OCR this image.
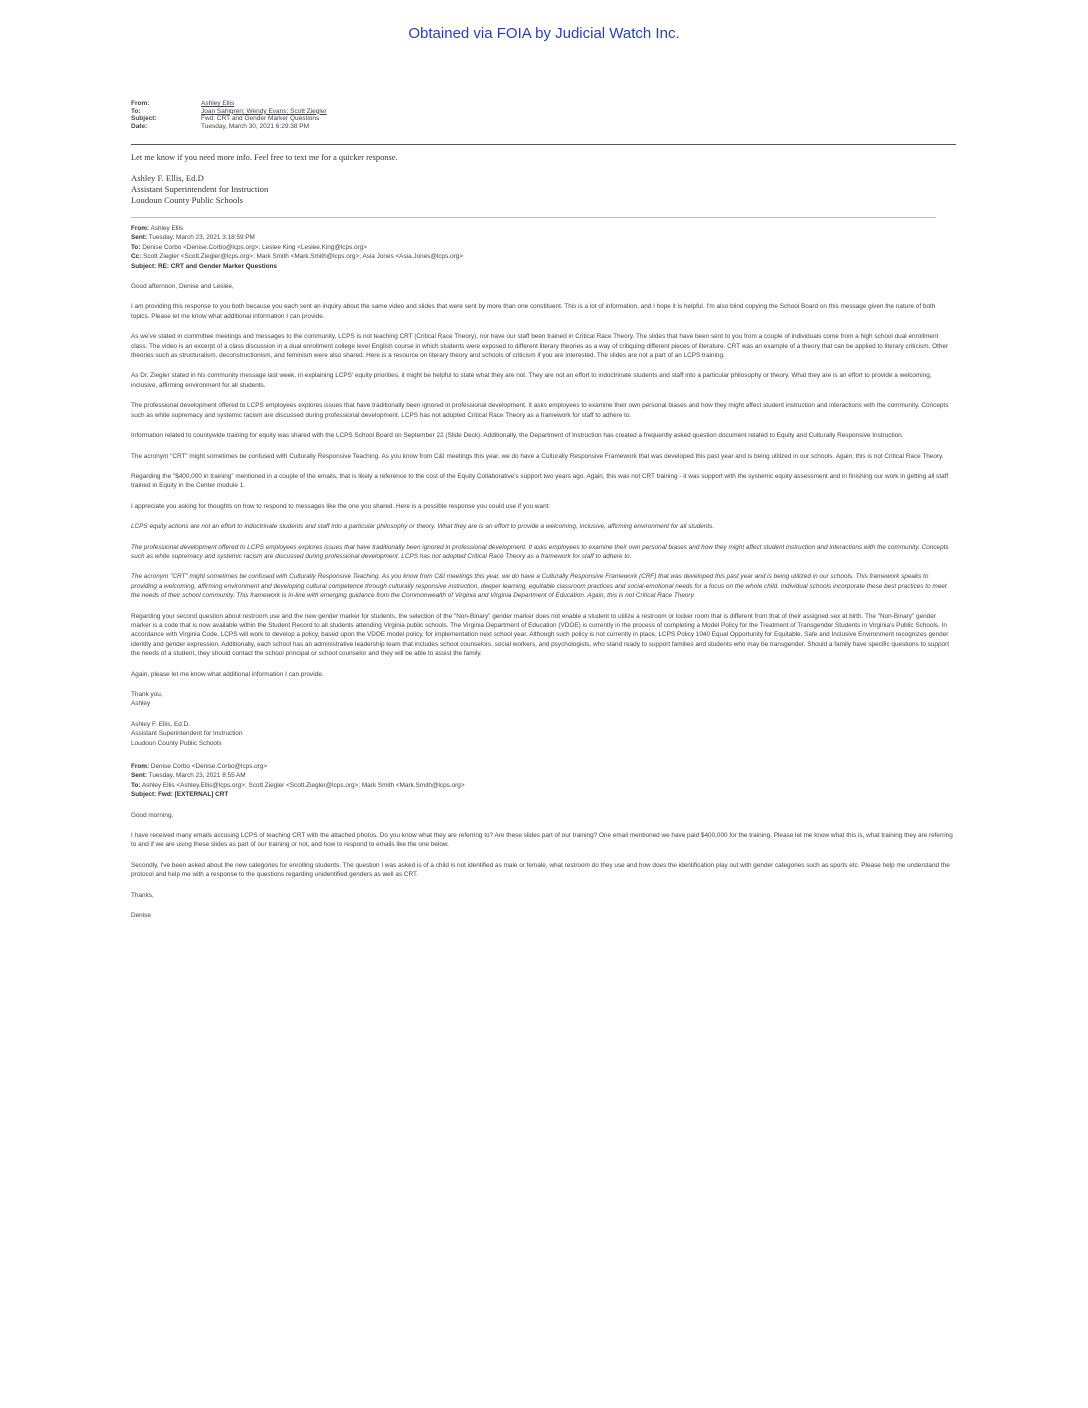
Obtained via FOIA by Judicial Watch Inc.
From:	Ashley Ellis
To:	Joan Sahlgren; Wendy Evans; Scott Ziegler
Subject:	Fwd: CRT and Gender Marker Questions
Date:	Tuesday, March 30, 2021 6:29:38 PM
Let me know if you need more info. Feel free to text me for a quicker response.
Ashley F. Ellis, Ed.D
Assistant Superintendent for Instruction
Loudoun County Public Schools

From: Ashley Ellis

Sent: Tuesday, March 23, 2021 3:18:59 PM

To: Denise Corbo <Denise.Corbo@lcps.org>; Leslee King <Leslee.King@lcps.org>

Cc: Scott Ziegler <Scott.Ziegler@lcps.org>; Mark Smith <Mark.Smith@lcps.org>; Asia Jones <Asia.Jones@lcps.org>

Subject: RE: CRT and Gender Marker Questions

Good afternoon, Denise and Leslee,

I am providing this response to you both because you each sent an inquiry about the same video and slides that were sent by more than one constituent. This is a lot of information, and I hope it is helpful. I'm also blind copying the School Board on this message given the nature of both topics. Please let me know what additional information I can provide.

As we've stated in committee meetings and messages to the community, LCPS is not teaching CRT (Critical Race Theory), nor have our staff been trained in Critical Race Theory. The slides that have been sent to you from a couple of individuals come from a high school dual enrollment class. The video is an excerpt of a class discussion in a dual enrollment college level English course in which students were exposed to different literary theories as a way of critiquing different pieces of literature. CRT was an example of a theory that can be applied to literary criticism. Other theories such as structuralism, deconstructionism, and feminism were also shared. Here is a resource on literary theory and schools of criticism if you are interested. The slides are not a part of an LCPS training.

As Dr. Ziegler stated in his community message last week, in explaining LCPS' equity priorities, it might be helpful to state what they are not. They are not an effort to indoctrinate students and staff into a particular philosophy or theory. What they are is an effort to provide a welcoming, inclusive, affirming environment for all students.

The professional development offered to LCPS employees explores issues that have traditionally been ignored in professional development. It asks employees to examine their own personal biases and how they might affect student instruction and interactions with the community. Concepts such as white supremacy and systemic racism are discussed during professional development. LCPS has not adopted Critical Race Theory as a framework for staff to adhere to.

Information related to countywide training for equity was shared with the LCPS School Board on September 22 (Slide Deck). Additionally, the Department of Instruction has created a frequently asked question document related to Equity and Culturally Responsive Instruction.

The acronym "CRT" might sometimes be confused with Culturally Responsive Teaching. As you know from C&I meetings this year, we do have a Culturally Responsive Framework that was developed this past year and is being utilized in our schools. Again, this is not Critical Race Theory.

Regarding the "$400,000 in training" mentioned in a couple of the emails, that is likely a reference to the cost of the Equity Collaborative's support two years ago. Again, this was not CRT training - it was support with the systemic equity assessment and in finishing our work in getting all staff trained in Equity in the Center module 1.

I appreciate you asking for thoughts on how to respond to messages like the one you shared. Here is a possible response you could use if you want:

LCPS equity actions are not an effort to indoctrinate students and staff into a particular philosophy or theory. What they are is an effort to provide a welcoming, inclusive, affirming environment for all students.

The professional development offered to LCPS employees explores issues that have traditionally been ignored in professional development. It asks employees to examine their own personal biases and how they might affect student instruction and interactions with the community. Concepts such as white supremacy and systemic racism are discussed during professional development. LCPS has not adopted Critical Race Theory as a framework for staff to adhere to.

The acronym "CRT" might sometimes be confused with Culturally Responsive Teaching. As you know from C&I meetings this year, we do have a Culturally Responsive Framework (CRF) that was developed this past year and is being utilized in our schools. This framework speaks to providing a welcoming, affirming environment and developing cultural competence through culturally responsive instruction, deeper learning, equitable classroom practices and social-emotional needs for a focus on the whole child. Individual schools incorporate these best practices to meet the needs of their school community. This framework is in-line with emerging guidance from the Commonwealth of Virginia and Virginia Department of Education. Again, this is not Critical Race Theory.

Regarding your second question about restroom use and the new gender marker for students, the selection of the "Non-Binary" gender marker does not enable a student to utilize a restroom or locker room that is different from that of their assigned sex at birth. The "Non-Binary" gender marker is a code that is now available within the Student Record to all students attending Virginia public schools. The Virginia Department of Education (VDOE) is currently in the process of completing a Model Policy for the Treatment of Transgender Students in Virginia's Public Schools. In accordance with Virginia Code, LCPS will work to develop a policy, based upon the VDOE model policy, for implementation next school year. Although such policy is not currently in place, LCPS Policy 1040 Equal Opportunity for Equitable, Safe and Inclusive Environment recognizes gender identity and gender expression. Additionally, each school has an administrative leadership team that includes school counselors, social workers, and psychologists, who stand ready to support families and students who may be transgender. Should a family have specific questions to support the needs of a student, they should contact the school principal or school counselor and they will be able to assist the family.

Again, please let me know what additional information I can provide.

Thank you,

Ashley

Ashley F. Ellis, Ed.D.

Assistant Superintendent for Instruction

Loudoun County Public Schools

From: Denise Corbo <Denise.Corbo@lcps.org>

Sent: Tuesday, March 23, 2021 8:55 AM

To: Ashley Ellis <Ashley.Ellis@lcps.org>; Scott Ziegler <Scott.Ziegler@lcps.org>; Mark Smith <Mark.Smith@lcps.org>

Subject: Fwd: [EXTERNAL] CRT

Good morning,

I have received many emails accusing LCPS of teaching CRT with the attached photos. Do you know what they are referring to? Are these slides part of our training? One email mentioned we have paid $400,000 for the training. Please let me know what this is, what training they are referring to and if we are using these slides as part of our training or not, and how to respond to emails like the one below.

Secondly, I've been asked about the new categories for enrolling students. The question I was asked is of a child is not identified as male or female, what restroom do they use and how does the identification play out with gender categories such as sports etc. Please help me understand the protocol and help me with a response to the questions regarding unidentified genders as well as CRT.

Thanks,

Denise
